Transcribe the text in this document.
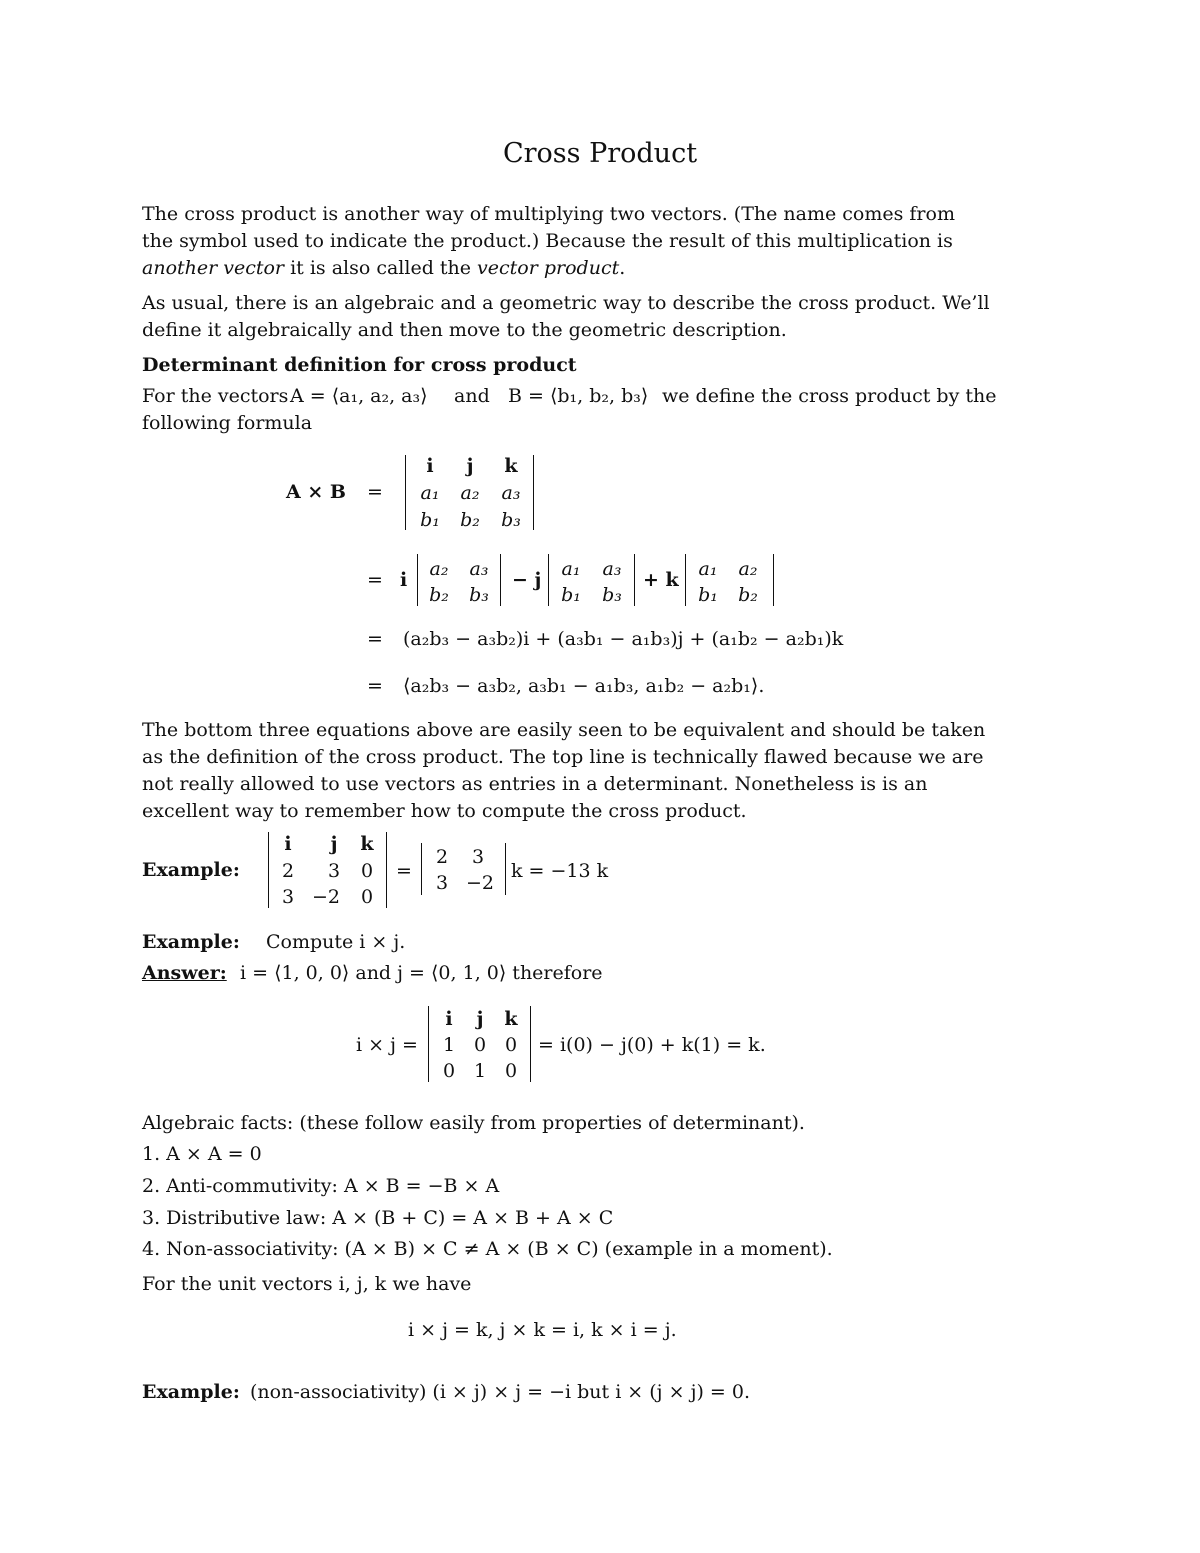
Cross Product

The cross product is another way of multiplying two vectors. (The name comes from the symbol used to indicate the product.) Because the result of this multiplication is another vector it is also called the vector product.

As usual, there is an algebraic and a geometric way to describe the cross product. We’ll define it algebraically and then move to the geometric description.

Determinant definition for cross product
For the vectors A = ⟨a₁, a₂, a₃⟩ and B = ⟨b₁, b₂, b₃⟩ we define the cross product by the
following formula
A × B =
i	j	k
a₁	a₂	a₃
b₁	b₂	b₃
= i	a₂	a₃
b₂	b₃
− j	a₁	a₃
b₁	b₃
+ k	a₁	a₂
b₁	b₂
= (a₂b₃ − a₃b₂)i + (a₃b₁ − a₁b₃)j + (a₁b₂ − a₂b₁)k
= ⟨a₂b₃ − a₃b₂, a₃b₁ − a₁b₃, a₁b₂ − a₂b₁⟩.

The bottom three equations above are easily seen to be equivalent and should be taken as the definition of the cross product. The top line is technically flawed because we are not really allowed to use vectors as entries in a determinant. Nonetheless is is an excellent way to remember how to compute the cross product.

Example:
i	j	k
2	3	0
3 −2	0
=
2	3
3 −2
k = −13 k
Example: Compute i × j.
Answer: i = ⟨1, 0, 0⟩ and j = ⟨0, 1, 0⟩ therefore
i × j =
i	j	k
1 0 0
0 1 0
= i(0) − j(0) + k(1) = k.
Algebraic facts: (these follow easily from properties of determinant).
1. A × A = 0
2. Anti-commutivity: A × B = −B × A
3. Distributive law: A × (B + C) = A × B + A × C
4. Non-associativity: (A × B) × C ≠ A × (B × C) (example in a moment).
For the unit vectors i, j, k we have
i × j = k, j × k = i, k × i = j.
Example: (non-associativity) (i × j) × j = −i but i × (j × j) = 0.
